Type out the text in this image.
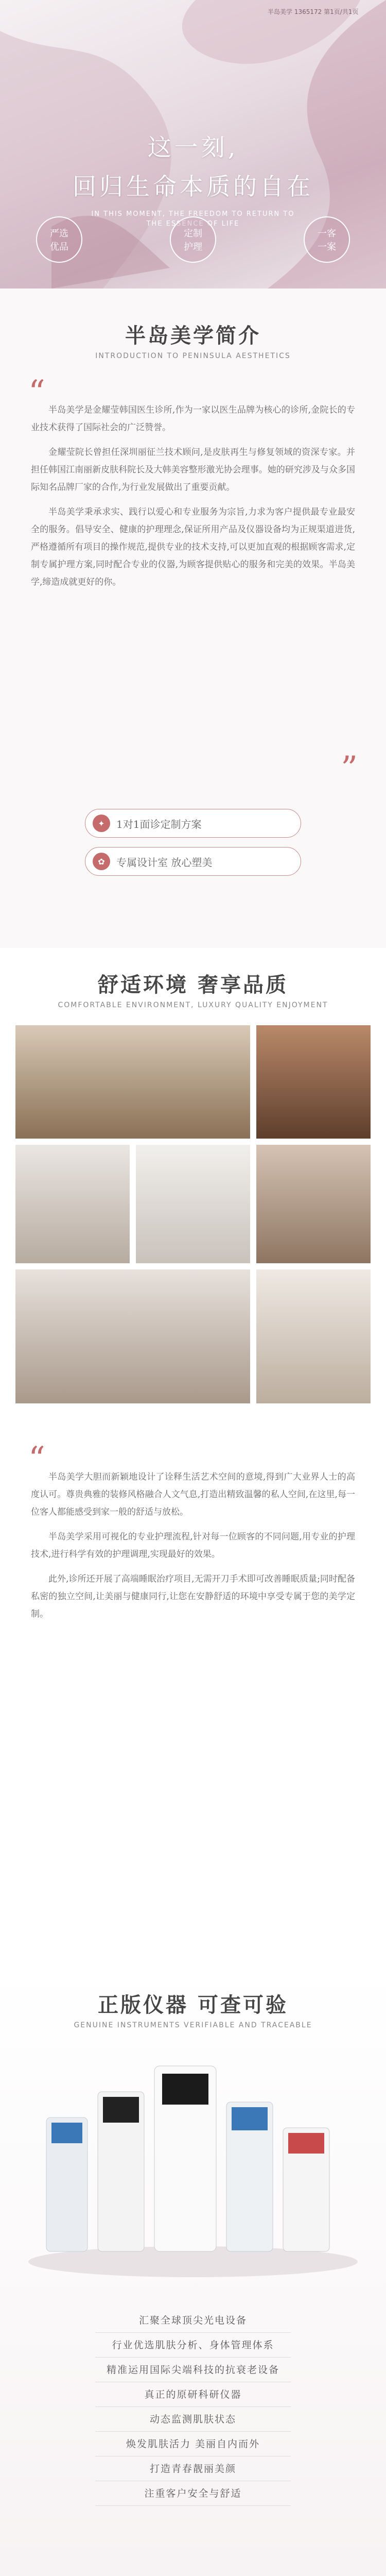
半岛美学 1365172 第1页/共1页
这一刻,
回归生命本质的自在
IN THIS MOMENT, THE FREEDOM TO RETURN TO
THE ESSENCE OF LIFE
严选
优品
定制
护理
一客
一案
半岛美学简介
INTRODUCTION TO PENINSULA AESTHETICS
“ 半岛美学是金耀莹韩国医生诊所,作为一家以医生品牌为核心的诊所,金院长的专业技术获得了国际社会的广泛赞誉。

金耀莹院长曾担任深圳丽征兰技术顾问,是皮肤再生与修复领域的资深专家。并担任韩国江南丽新皮肤科院长及大韩美容整形激光协会理事。她的研究涉及与众多国际知名品牌厂家的合作,为行业发展做出了重要贡献。

半岛美学秉承求实、践行以爱心和专业服务为宗旨,力求为客户提供最专业最安全的服务。倡导安全、健康的护理理念,保证所用产品及仪器设备均为正规渠道进货,严格遵循所有项目的操作规范,提供专业的技术支持,可以更加直观的根据顾客需求,定制专属护理方案,同时配合专业的仪器,为顾客提供贴心的服务和完美的效果。半岛美学,缔造成就更好的你。

”
✦	1对1面诊定制方案
✿	专属设计室 放心塑美
舒适环境 奢享品质
COMFORTABLE ENVIRONMENT, LUXURY QUALITY ENJOYMENT
“ 半岛美学大胆而新颖地设计了诠释生活艺术空间的意境,得到广大业界人士的高度认可。尊贵典雅的装修风格融合人文气息,打造出精致温馨的私人空间,在这里,每一位客人都能感受到家一般的舒适与放松。

半岛美学采用可视化的专业护理流程,针对每一位顾客的不同问题,用专业的护理技术,进行科学有效的护理调理,实现最好的效果。

此外,诊所还开展了高端睡眠治疗项目,无需开刀手术即可改善睡眠质量;同时配备私密的独立空间,让美丽与健康同行,让您在安静舒适的环境中享受专属于您的美学定制。

正版仪器 可查可验
GENUINE INSTRUMENTS VERIFIABLE AND TRACEABLE
汇聚全球顶尖光电设备
行业优选肌肤分析、身体管理体系
精准运用国际尖端科技的抗衰老设备
真正的原研科研仪器
动态监测肌肤状态
焕发肌肤活力 美丽自内而外
打造青春靓丽美颜
注重客户安全与舒适
